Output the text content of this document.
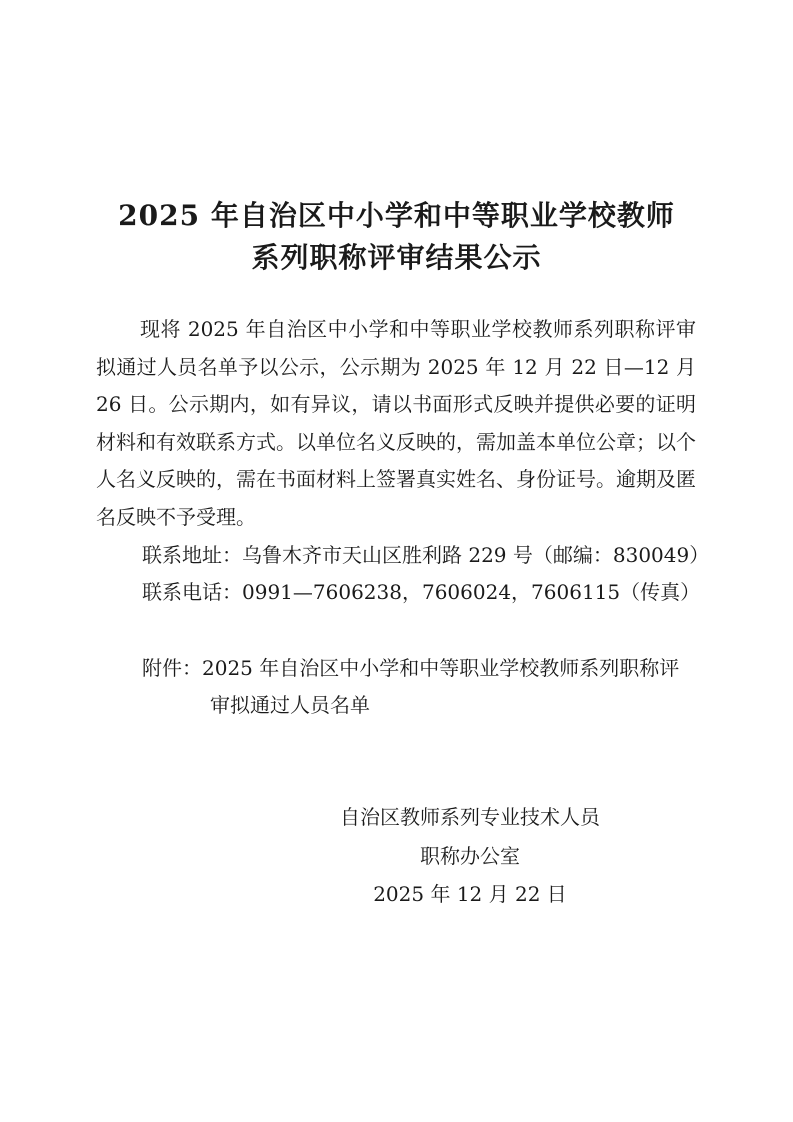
2025 年自治区中小学和中等职业学校教师
系列职称评审结果公示

现将 2025 年自治区中小学和中等职业学校教师系列职称评审拟通过人员名单予以公示，公示期为 2025 年 12 月 22 日—12 月 26 日。公示期内，如有异议，请以书面形式反映并提供必要的证明材料和有效联系方式。以单位名义反映的，需加盖本单位公章；以个人名义反映的，需在书面材料上签署真实姓名、身份证号。逾期及匿名反映不予受理。

联系地址：乌鲁木齐市天山区胜利路 229 号（邮编：830049）
联系电话：0991—7606238，7606024，7606115（传真）
附件：2025 年自治区中小学和中等职业学校教师系列职称评
审拟通过人员名单
自治区教师系列专业技术人员
职称办公室
2025 年 12 月 22 日
